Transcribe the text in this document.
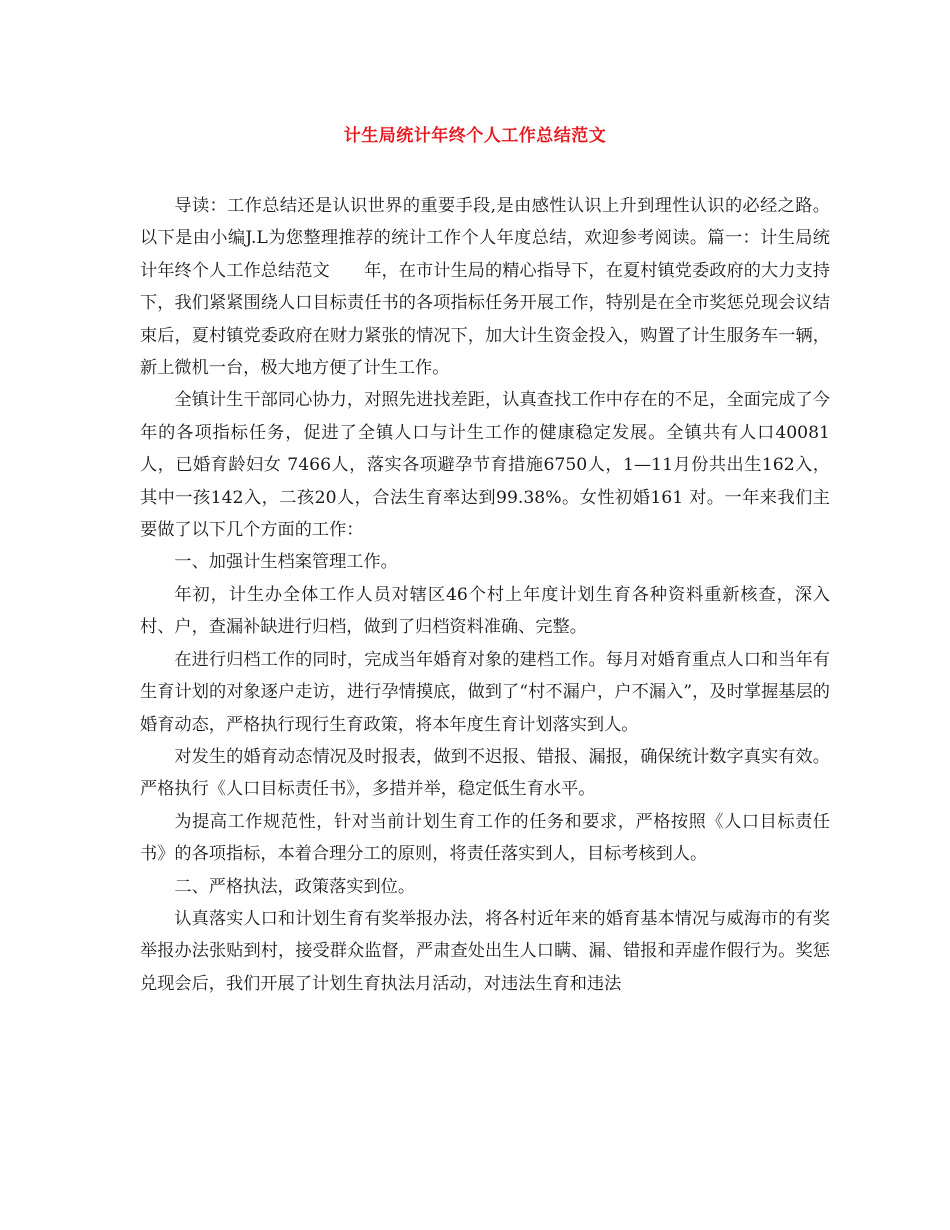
计生局统计年终个人工作总结范文

导读：工作总结还是认识世界的重要手段,是由感性认识上升到理性认识的必经之路。以下是由小编J.L为您整理推荐的统计工作个人年度总结，欢迎参考阅读。篇一：计生局统计年终个人工作总结范文　　年，在市计生局的精心指导下，在夏村镇党委政府的大力支持下，我们紧紧围绕人口目标责任书的各项指标任务开展工作，特别是在全市奖惩兑现会议结束后，夏村镇党委政府在财力紧张的情况下，加大计生资金投入，购置了计生服务车一辆，新上微机一台，极大地方便了计生工作。

全镇计生干部同心协力，对照先进找差距，认真查找工作中存在的不足，全面完成了今年的各项指标任务，促进了全镇人口与计生工作的健康稳定发展。全镇共有人口40081人，已婚育龄妇女 7466人，落实各项避孕节育措施6750人，1—11月份共出生162入，其中一孩142入，二孩20人，合法生育率达到99.38%。女性初婚161 对。一年来我们主要做了以下几个方面的工作：

一、加强计生档案管理工作。

年初，计生办全体工作人员对辖区46个村上年度计划生育各种资料重新核查，深入村、户，查漏补缺进行归档，做到了归档资料准确、完整。

在进行归档工作的同时，完成当年婚育对象的建档工作。每月对婚育重点人口和当年有生育计划的对象逐户走访，进行孕情摸底，做到了“村不漏户，户不漏入”，及时掌握基层的婚育动态，严格执行现行生育政策，将本年度生育计划落实到人。

对发生的婚育动态情况及时报表，做到不迟报、错报、漏报，确保统计数字真实有效。严格执行《人口目标责任书》，多措并举，稳定低生育水平。

为提高工作规范性，针对当前计划生育工作的任务和要求，严格按照《人口目标责任书》的各项指标，本着合理分工的原则，将责任落实到人，目标考核到人。

二、严格执法，政策落实到位。

认真落实人口和计划生育有奖举报办法，将各村近年来的婚育基本情况与威海市的有奖举报办法张贴到村，接受群众监督，严肃查处出生人口瞒、漏、错报和弄虚作假行为。奖惩兑现会后，我们开展了计划生育执法月活动，对违法生育和违法
